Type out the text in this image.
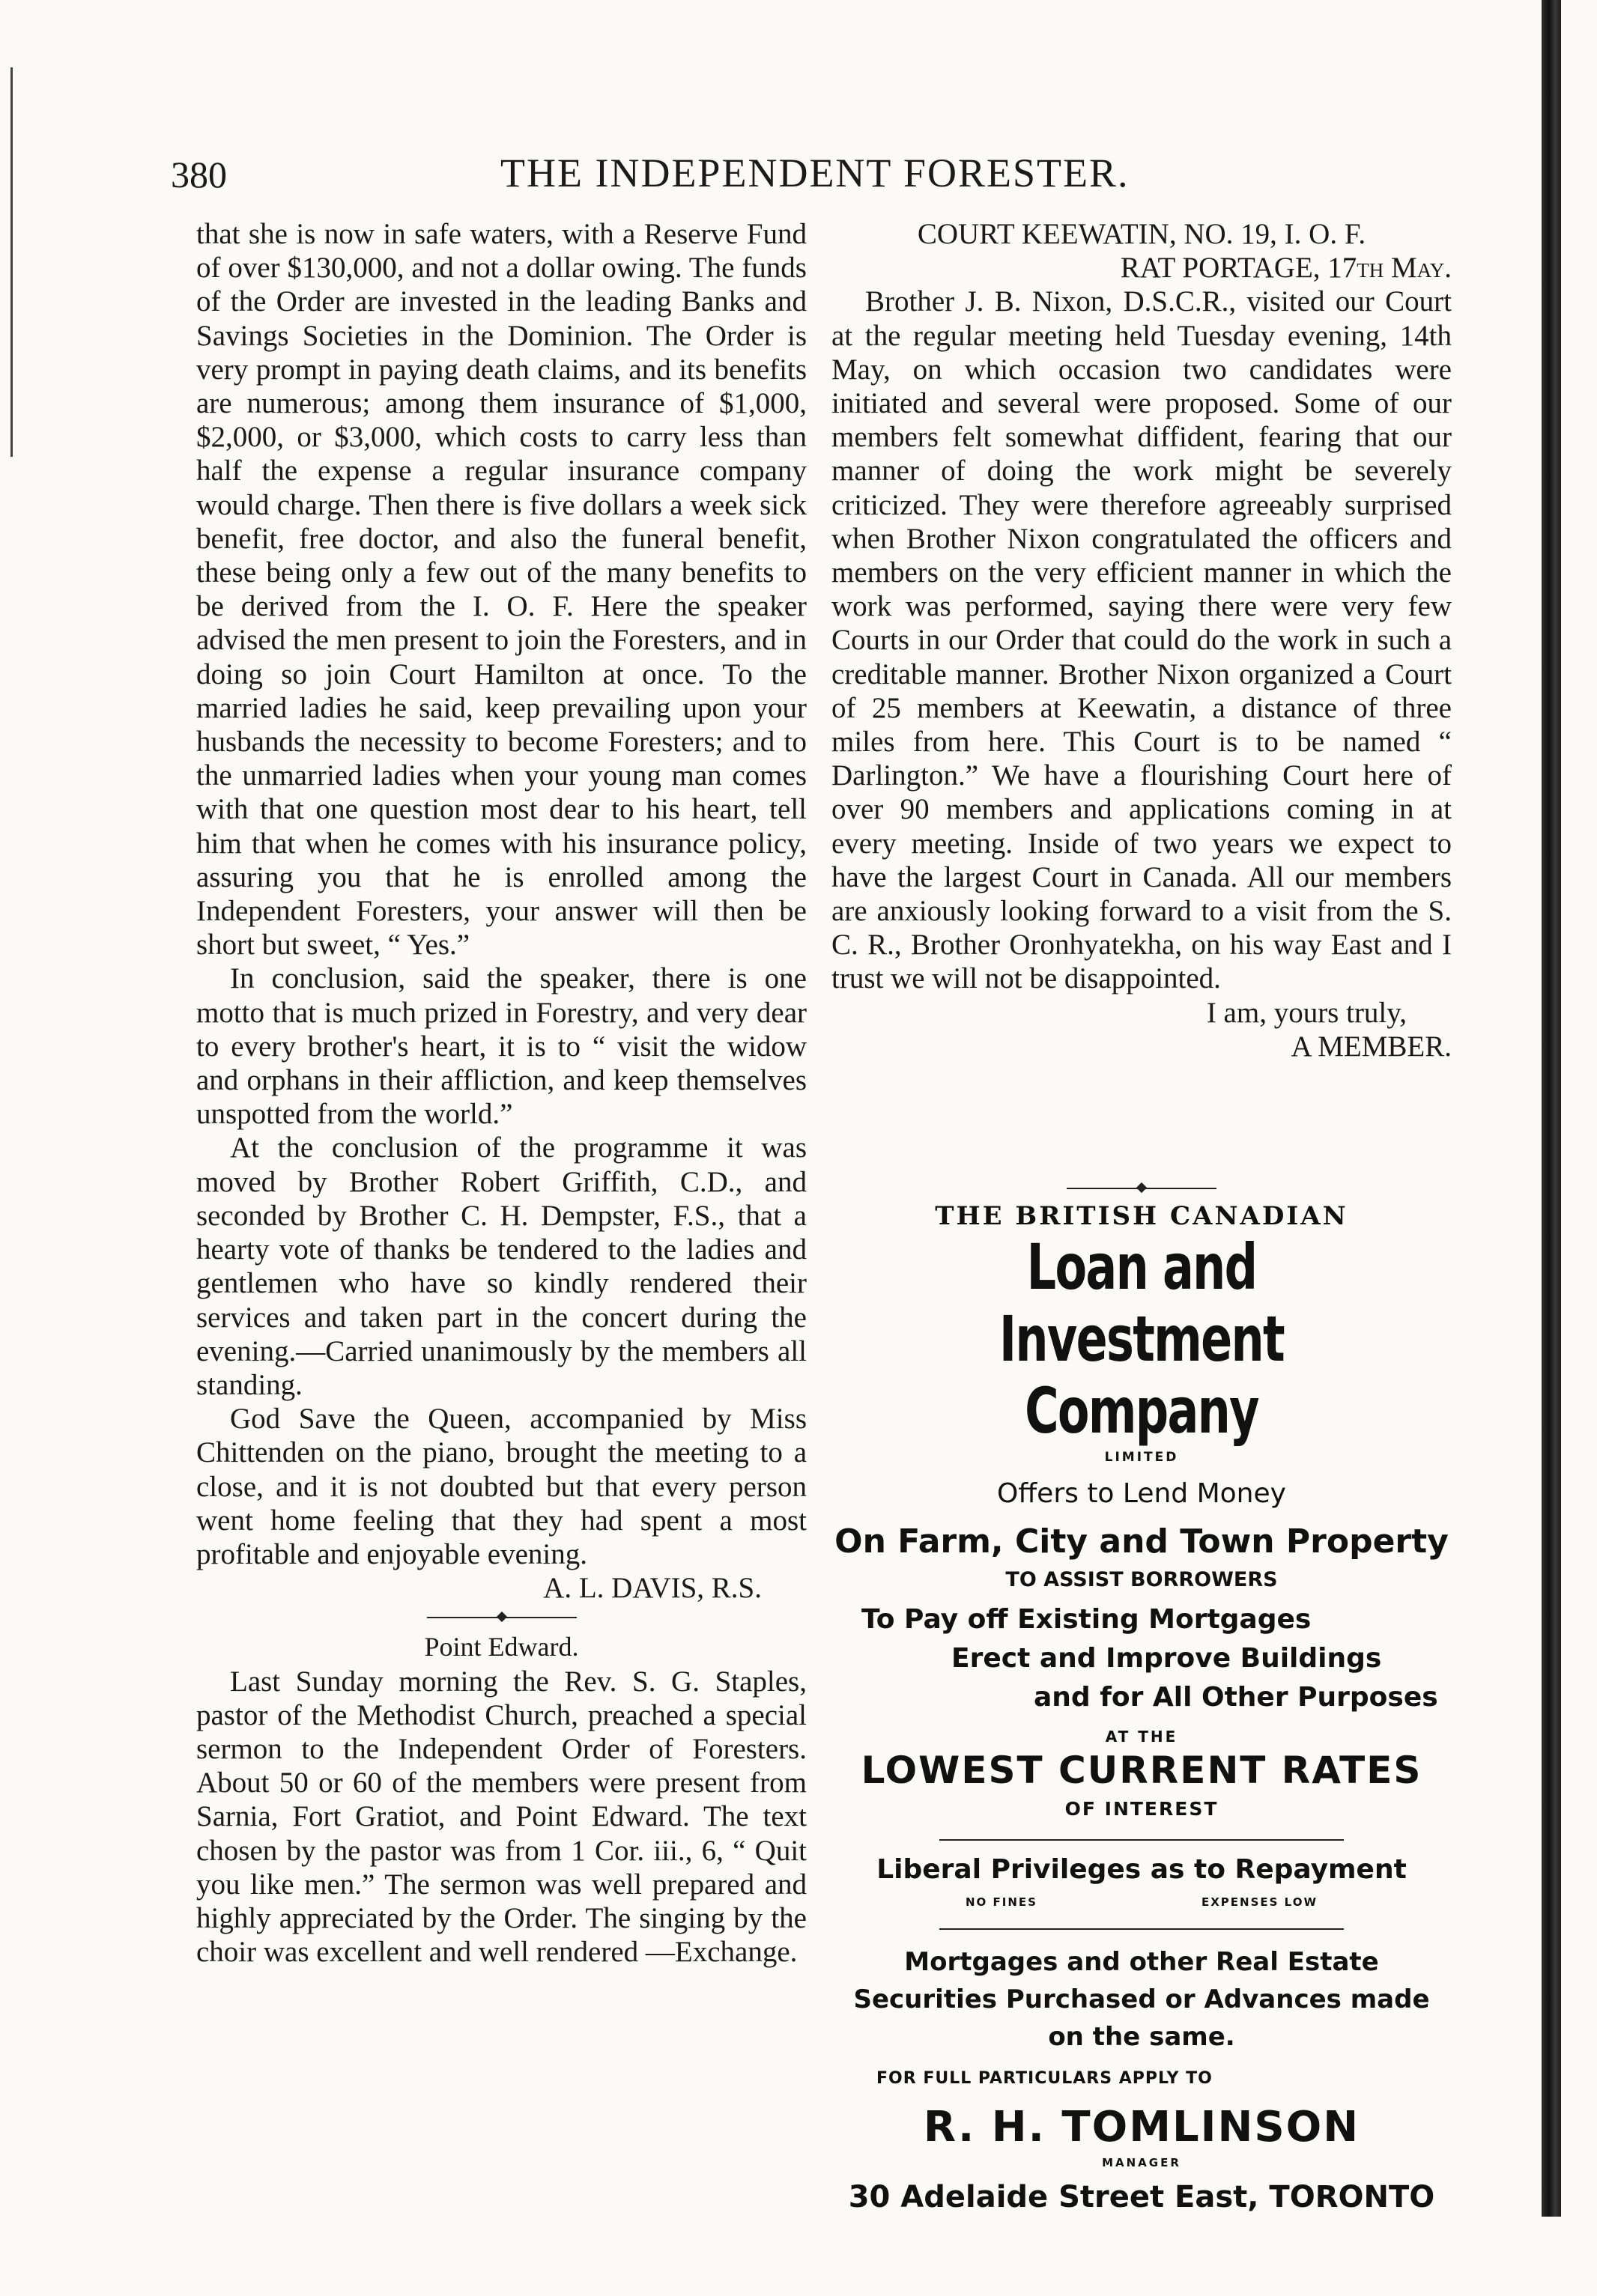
380	THE INDEPENDENT FORESTER.

that she is now in safe waters, with a Reserve Fund of over $130,000, and not a dollar owing. The funds of the Order are invested in the leading Banks and Savings Societies in the Dominion. The Order is very prompt in paying death claims, and its benefits are numerous; among them insurance of $1,000, $2,000, or $3,000, which costs to carry less than half the expense a regular insurance company would charge. Then there is five dollars a week sick benefit, free doctor, and also the funeral benefit, these being only a few out of the many benefits to be derived from the I. O. F. Here the speaker advised the men present to join the Foresters, and in doing so join Court Hamilton at once. To the married ladies he said, keep prevailing upon your husbands the necessity to become Foresters; and to the unmarried ladies when your young man comes with that one question most dear to his heart, tell him that when he comes with his insurance policy, assuring you that he is enrolled among the Independent Foresters, your answer will then be short but sweet, “ Yes.”

In conclusion, said the speaker, there is one motto that is much prized in Forestry, and very dear to every brother's heart, it is to “ visit the widow and orphans in their affliction, and keep themselves unspotted from the world.”

At the conclusion of the programme it was moved by Brother Robert Griffith, C.D., and seconded by Brother C. H. Dempster, F.S., that a hearty vote of thanks be tendered to the ladies and gentlemen who have so kindly rendered their services and taken part in the concert during the evening.—Carried unanimously by the members all standing.

God Save the Queen, accompanied by Miss Chittenden on the piano, brought the meeting to a close, and it is not doubted but that every person went home feeling that they had spent a most profitable and enjoyable evening.

A. L. DAVIS, R.S.

Point Edward.

Last Sunday morning the Rev. S. G. Staples, pastor of the Methodist Church, preached a special sermon to the Independent Order of Foresters. About 50 or 60 of the members were present from Sarnia, Fort Gratiot, and Point Edward. The text chosen by the pastor was from 1 Cor. iii., 6, “ Quit you like men.” The sermon was well prepared and highly appreciated by the Order. The singing by the choir was excellent and well rendered —Exchange.

COURT KEEWATIN, NO. 19, I. O. F.

RAT PORTAGE, 17th May.

Brother J. B. Nixon, D.S.C.R., visited our Court at the regular meeting held Tuesday evening, 14th May, on which occasion two candidates were initiated and several were proposed. Some of our members felt somewhat diffident, fearing that our manner of doing the work might be severely criticized. They were therefore agreeably surprised when Brother Nixon congratulated the officers and members on the very efficient manner in which the work was performed, saying there were very few Courts in our Order that could do the work in such a creditable manner. Brother Nixon organized a Court of 25 members at Keewatin, a distance of three miles from here. This Court is to be named “ Darlington.” We have a flourishing Court here of over 90 members and applications coming in at every meeting. Inside of two years we expect to have the largest Court in Canada. All our members are anxiously looking forward to a visit from the S. C. R., Brother Oronhyatekha, on his way East and I trust we will not be disappointed.

I am, yours truly,

A MEMBER.

THE BRITISH CANADIAN
Loan and Investment Company
LIMITED
Offers to Lend Money
On Farm, City and Town Property
TO ASSIST BORROWERS
To Pay off Existing Mortgages
Erect and Improve Buildings
and for All Other Purposes
AT THE
LOWEST CURRENT RATES
OF INTEREST
Liberal Privileges as to Repayment
NO FINES	EXPENSES LOW
Mortgages and other Real Estate
Securities Purchased or Advances made
on the same.
FOR FULL PARTICULARS APPLY TO
R. H. TOMLINSON
MANAGER
30 Adelaide Street East, TORONTO
